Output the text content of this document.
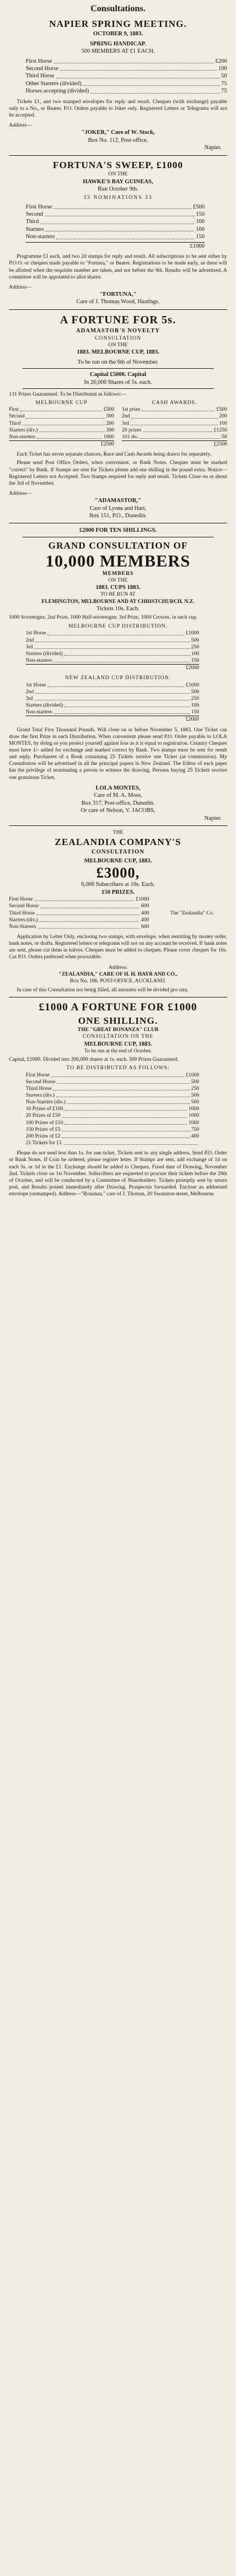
Consultations.
NAPIER SPRING MEETING.
OCTOBER 9, 1883.
SPRING HANDICAP.
500 MEMBERS AT £1 EACH.
First Horse	£200
Second Horse	100
Third Horse	50
Other Starters (divided)	75
Horses accepting (divided)	75

Tickets £1, and two stamped envelopes for reply and result. Cheques (with exchange) payable only to a No., or Bearer. P.O. Orders payable to Joker only. Registered Letters or Telegrams will not be accepted.

Address—
"JOKER," Care of W. Stock,
Box No. 112, Post-office,
Napier.
FORTUNA'S SWEEP, £1000
ON THE
HAWKE'S BAY GUINEAS,
Run October 9th.
33 NOMINATIONS 33
First Horse	£500
Second	150
Third	100
Starters	100
Non-starters	150
£1000

Programme £1 each, and two 2d stamps for reply and result. All subscriptions to be sent either by P.O.O. or cheques made payable to "Fortuna," or Bearer. Registrations to be made early, as there will be allotted when the requisite number are taken, and not before the 9th. Results will be advertised. A committee will be appointed to allot shares.

Address—
"FORTUNA,"
Care of J. Thomas Wood, Hastings.
A FORTUNE FOR 5s.
ADAMASTOR'S NOVELTY
CONSULTATION
ON THE
1883. MELBOURNE CUP, 1883.
To be run on the 6th of November.
Capital £5000. Capital
In 20,000 Shares of 5s. each.
131 Prizes Guaranteed. To be Distributed as follows:—
MELBOURNE CUP
First	£500
Second	300
Third	200
Starters (div.)	300
Non-starters	1000
£2500
CASH AWARDS.
1st prize	£500
2nd	200
3rd	100
20 prizes	£1250
101 do.	50
£2500

Each Ticket has seven separate chances, Race and Cash Awards being drawn for separately.

Please send Post Office Orders, when convenient, or Bank Notes. Cheques must be marked "correct" by Bank. If Stamps are sent for Tickets please add one shilling in the pound extra. Notice—Registered Letters not Accepted. Two Stamps required for reply and result. Tickets Close on or about the 3rd of November.

Address—
"ADAMASTOR,"
Care of Lyons and Hart,
Box 151, P.O., Dunedin.
£2000 FOR TEN SHILLINGS.
GRAND CONSULTATION OF
10,000 MEMBERS
MEMBERS
ON THE
1883. CUPS 1883.
TO BE RUN AT
FLEMINGTON, MELBOURNE AND AT CHRISTCHURCH, N.Z.
Tickets 10s. Each.

1000 Sovereigns; 2nd Prize, 1000 Half-sovereigns; 3rd Prize, 1000 Crowns, in each cup.

MELBOURNE CUP DISTRIBUTION.
1st Horse	£1000
2nd	500
3rd	250
Starters (divided)	100
Non-starters	150
£2000
NEW ZEALAND CUP DISTRIBUTION.
1st Horse	£1000
2nd	500
3rd	250
Starters (divided)	100
Non-starters	150
£2000

Grand Total Five Thousand Pounds. Will close on or before November 5, 1883. One Ticket can draw the first Prize in each Distribution. When convenient please send P.O. Order payable to LOLA MONTES, by doing so you protect yourself against loss as it is equal to registration. Country Cheques must have 1/- added for exchange and marked correct by Bank. Two stamps must be sent for result and reply. Purchasers of a Book containing 25 Tickets receive one Ticket (as commission). My Consultation will be advertised in all the principal papers in New Zealand. The Editor of each paper has the privilege of nominating a person to witness the drawing. Persons buying 25 Tickets receive one gratuitous Ticket.

LOLA MONTES,
Care of M. A. Moss,
Box 317, Post-office, Dunedin.
Or care of Nelson, V. JACOBS,
Napier.
THE
ZEALANDIA COMPANY'S
CONSULTATION
MELBOURNE CUP, 1883.
£3000,
6,000 Subscribers at 10s. Each.
150 PRIZES.
First Horse	£1000
Second Horse	600
Third Horse	400
Starters (div.)	400
Non-Starters	600
The "Zealandia" Co.

Application by Letter Only, enclosing two stamps, with envelope, when remitting by money order, bank notes, or drafts. Registered letters or telegrams will not on any account be received. If bank notes are sent, please cut them in halves. Cheques must be added to cheques. Please cover cheques for 10s. Cut P.O. Orders preferred when procurable.

Address:
"ZEALANDIA," CARE OF H. H. HAYR AND CO.,
Box No. 186, POST-OFFICE, AUCKLAND.

In case of this Consultation not being filled, all amounts will be divided pro rata.

£1000 A FORTUNE FOR £1000
ONE SHILLING.
THE "GREAT BONANZA" CLUB
CONSULTATION ON THE
MELBOURNE CUP, 1883.
To be run at the end of October.

Capital, £1000. Divided into 200,000 shares at 1s. each. 500 Prizes Guaranteed.

TO BE DISTRIBUTED AS FOLLOWS:
First Horse	£1000
Second Horse	500
Third Horse	250
Starters (div.)	500
Non-Starters (div.)	500
10 Prizes of £100	1000
20 Prizes of £50	1000
100 Prizes of £10	1000
150 Prizes of £5	750
200 Prizes of £2	400
21 Tickets for £1

Please do not send less than 1s. for one ticket. Tickets sent to any single address. Send P.O. Order or Bank Notes. If Coin be ordered, please register letter. If Stamps are sent, add exchange of 1d on each 5s. or 1d in the £1. Exchange should be added to Cheques. Fixed date of Drawing, November 2nd. Tickets close on 1st November. Subscribers are requested to procure their tickets before the 29th of October, and will be conducted by a Committee of Shareholders. Tickets promptly sent by return post, and Results posted immediately after Drawing. Prospectus forwarded. Enclose an addressed envelope (unstamped). Address—"Bonanza," care of J. Thomas, 20 Swanston-street, Melbourne.
